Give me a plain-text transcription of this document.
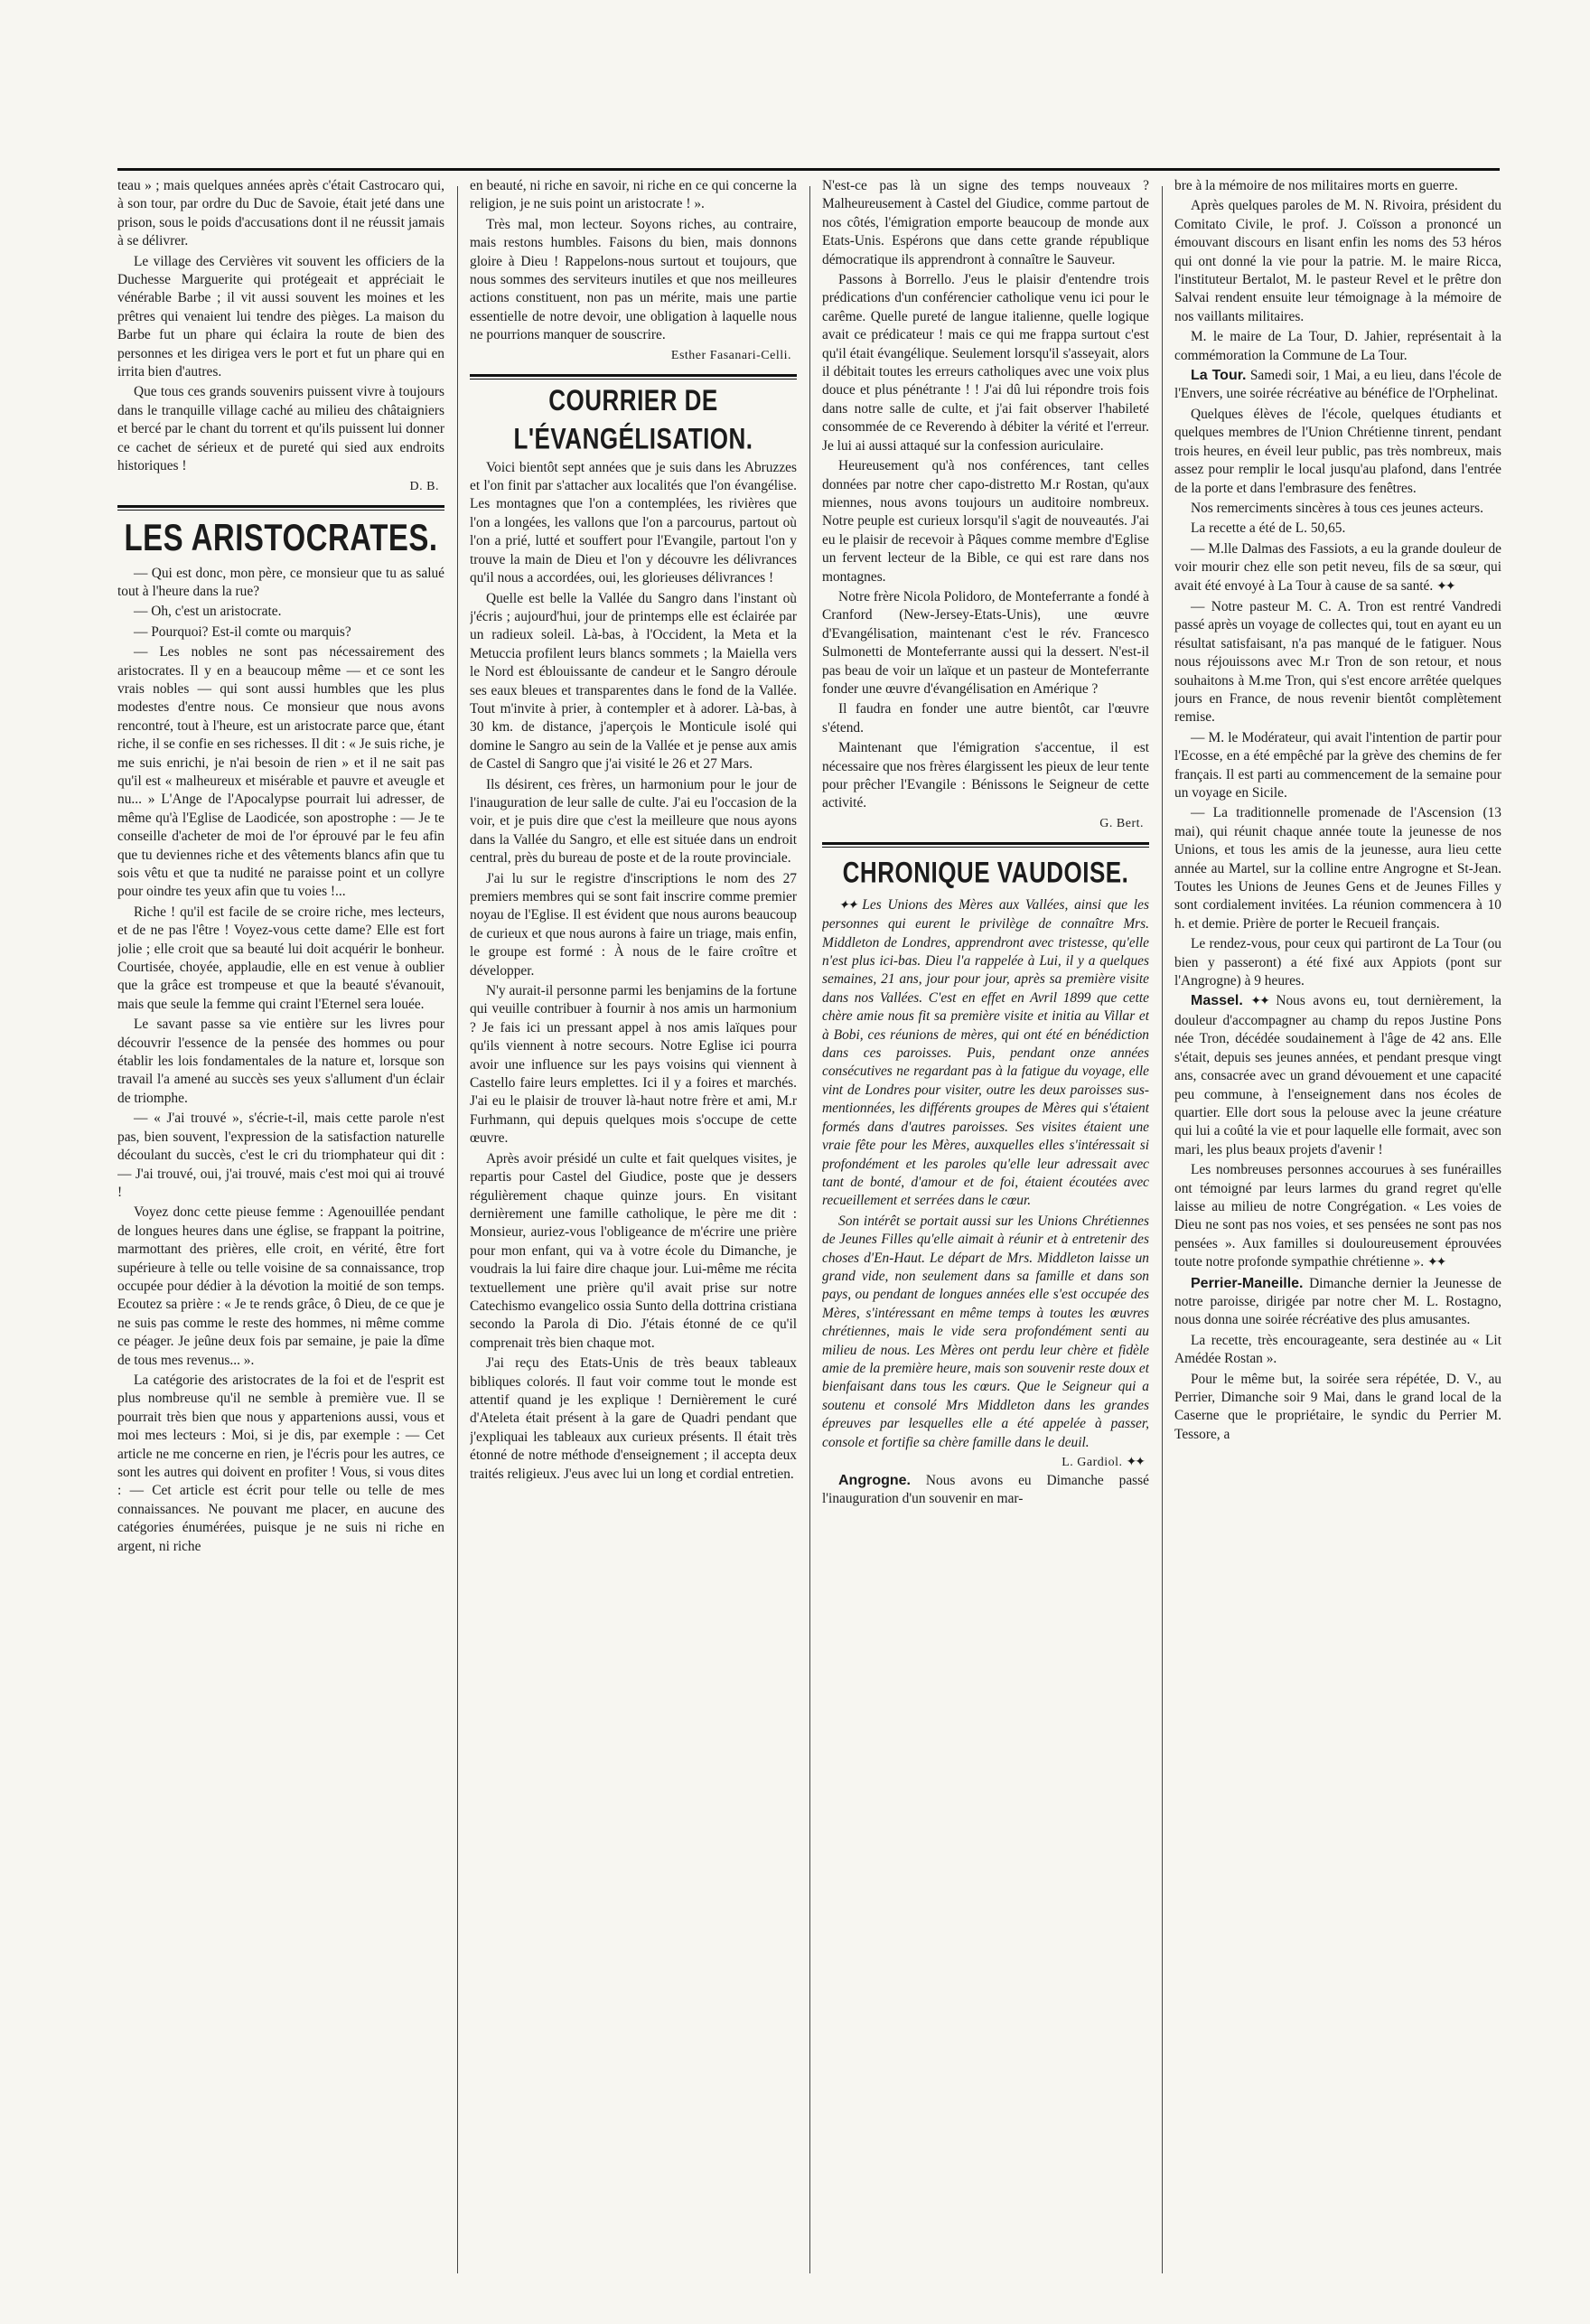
teau » ; mais quelques années après c'était Castrocaro qui, à son tour, par ordre du Duc de Savoie, était jeté dans une prison, sous le poids d'accusations dont il ne réussit jamais à se délivrer.

Le village des Cervières vit souvent les officiers de la Duchesse Marguerite qui protégeait et appréciait le vénérable Barbe ; il vit aussi souvent les moines et les prêtres qui venaient lui tendre des pièges. La maison du Barbe fut un phare qui éclaira la route de bien des personnes et les dirigea vers le port et fut un phare qui en irrita bien d'autres.

Que tous ces grands souvenirs puissent vivre à toujours dans le tranquille village caché au milieu des châtaigniers et bercé par le chant du torrent et qu'ils puissent lui donner ce cachet de sérieux et de pureté qui sied aux endroits historiques !

D. B.
LES ARISTOCRATES.

— Qui est donc, mon père, ce monsieur que tu as salué tout à l'heure dans la rue?

— Oh, c'est un aristocrate.

— Pourquoi? Est-il comte ou marquis?

— Les nobles ne sont pas nécessairement des aristocrates. Il y en a beaucoup même — et ce sont les vrais nobles — qui sont aussi humbles que les plus modestes d'entre nous. Ce monsieur que nous avons rencontré, tout à l'heure, est un aristocrate parce que, étant riche, il se confie en ses richesses. Il dit : « Je suis riche, je me suis enrichi, je n'ai besoin de rien » et il ne sait pas qu'il est « malheureux et misérable et pauvre et aveugle et nu... » L'Ange de l'Apocalypse pourrait lui adresser, de même qu'à l'Eglise de Laodicée, son apostrophe : — Je te conseille d'acheter de moi de l'or éprouvé par le feu afin que tu deviennes riche et des vêtements blancs afin que tu sois vêtu et que ta nudité ne paraisse point et un collyre pour oindre tes yeux afin que tu voies !...

Riche ! qu'il est facile de se croire riche, mes lecteurs, et de ne pas l'être ! Voyez-vous cette dame? Elle est fort jolie ; elle croit que sa beauté lui doit acquérir le bonheur. Courtisée, choyée, applaudie, elle en est venue à oublier que la grâce est trompeuse et que la beauté s'évanouit, mais que seule la femme qui craint l'Eternel sera louée.

Le savant passe sa vie entière sur les livres pour découvrir l'essence de la pensée des hommes ou pour établir les lois fondamentales de la nature et, lorsque son travail l'a amené au succès ses yeux s'allument d'un éclair de triomphe.

— « J'ai trouvé », s'écrie-t-il, mais cette parole n'est pas, bien souvent, l'expression de la satisfaction naturelle découlant du succès, c'est le cri du triomphateur qui dit : — J'ai trouvé, oui, j'ai trouvé, mais c'est moi qui ai trouvé !

Voyez donc cette pieuse femme : Agenouillée pendant de longues heures dans une église, se frappant la poitrine, marmottant des prières, elle croit, en vérité, être fort supérieure à telle ou telle voisine de sa connaissance, trop occupée pour dédier à la dévotion la moitié de son temps. Ecoutez sa prière : « Je te rends grâce, ô Dieu, de ce que je ne suis pas comme le reste des hommes, ni même comme ce péager. Je jeûne deux fois par semaine, je paie la dîme de tous mes revenus... ».

La catégorie des aristocrates de la foi et de l'esprit est plus nombreuse qu'il ne semble à première vue. Il se pourrait très bien que nous y appartenions aussi, vous et moi mes lecteurs : Moi, si je dis, par exemple : — Cet article ne me concerne en rien, je l'écris pour les autres, ce sont les autres qui doivent en profiter ! Vous, si vous dites : — Cet article est écrit pour telle ou telle de mes connaissances. Ne pouvant me placer, en aucune des catégories énumérées, puisque je ne suis ni riche en argent, ni riche

en beauté, ni riche en savoir, ni riche en ce qui concerne la religion, je ne suis point un aristocrate ! ».

Très mal, mon lecteur. Soyons riches, au contraire, mais restons humbles. Faisons du bien, mais donnons gloire à Dieu ! Rappelons-nous surtout et toujours, que nous sommes des serviteurs inutiles et que nos meilleures actions constituent, non pas un mérite, mais une partie essentielle de notre devoir, une obligation à laquelle nous ne pourrions manquer de souscrire.

Esther Fasanari-Celli.
COURRIER DE L'ÉVANGÉLISATION.

Voici bientôt sept années que je suis dans les Abruzzes et l'on finit par s'attacher aux localités que l'on évangélise. Les montagnes que l'on a contemplées, les rivières que l'on a longées, les vallons que l'on a parcourus, partout où l'on a prié, lutté et souffert pour l'Evangile, partout l'on y trouve la main de Dieu et l'on y découvre les délivrances qu'il nous a accordées, oui, les glorieuses délivrances !

Quelle est belle la Vallée du Sangro dans l'instant où j'écris ; aujourd'hui, jour de printemps elle est éclairée par un radieux soleil. Là-bas, à l'Occident, la Meta et la Metuccia profilent leurs blancs sommets ; la Maiella vers le Nord est éblouissante de candeur et le Sangro déroule ses eaux bleues et transparentes dans le fond de la Vallée. Tout m'invite à prier, à contempler et à adorer. Là-bas, à 30 km. de distance, j'aperçois le Monticule isolé qui domine le Sangro au sein de la Vallée et je pense aux amis de Castel di Sangro que j'ai visité le 26 et 27 Mars.

Ils désirent, ces frères, un harmonium pour le jour de l'inauguration de leur salle de culte. J'ai eu l'occasion de la voir, et je puis dire que c'est la meilleure que nous ayons dans la Vallée du Sangro, et elle est située dans un endroit central, près du bureau de poste et de la route provinciale.

J'ai lu sur le registre d'inscriptions le nom des 27 premiers membres qui se sont fait inscrire comme premier noyau de l'Eglise. Il est évident que nous aurons beaucoup de curieux et que nous aurons à faire un triage, mais enfin, le groupe est formé : À nous de le faire croître et développer.

N'y aurait-il personne parmi les benjamins de la fortune qui veuille contribuer à fournir à nos amis un harmonium ? Je fais ici un pressant appel à nos amis laïques pour qu'ils viennent à notre secours. Notre Eglise ici pourra avoir une influence sur les pays voisins qui viennent à Castello faire leurs emplettes. Ici il y a foires et marchés. J'ai eu le plaisir de trouver là-haut notre frère et ami, M.r Furhmann, qui depuis quelques mois s'occupe de cette œuvre.

Après avoir présidé un culte et fait quelques visites, je repartis pour Castel del Giudice, poste que je dessers régulièrement chaque quinze jours. En visitant dernièrement une famille catholique, le père me dit : Monsieur, auriez-vous l'obligeance de m'écrire une prière pour mon enfant, qui va à votre école du Dimanche, je voudrais la lui faire dire chaque jour. Lui-même me récita textuellement une prière qu'il avait prise sur notre Catechismo evangelico ossia Sunto della dottrina cristiana secondo la Parola di Dio. J'étais étonné de ce qu'il comprenait très bien chaque mot.

J'ai reçu des Etats-Unis de très beaux tableaux bibliques colorés. Il faut voir comme tout le monde est attentif quand je les explique ! Dernièrement le curé d'Ateleta était présent à la gare de Quadri pendant que j'expliquai les tableaux aux curieux présents. Il était très étonné de notre méthode d'enseignement ; il accepta deux traités religieux. J'eus avec lui un long et cordial entretien.

N'est-ce pas là un signe des temps nouveaux ? Malheureusement à Castel del Giudice, comme partout de nos côtés, l'émigration emporte beaucoup de monde aux Etats-Unis. Espérons que dans cette grande république démocratique ils apprendront à connaître le Sauveur.

Passons à Borrello. J'eus le plaisir d'entendre trois prédications d'un conférencier catholique venu ici pour le carême. Quelle pureté de langue italienne, quelle logique avait ce prédicateur ! mais ce qui me frappa surtout c'est qu'il était évangélique. Seulement lorsqu'il s'asseyait, alors il débitait toutes les erreurs catholiques avec une voix plus douce et plus pénétrante ! ! J'ai dû lui répondre trois fois dans notre salle de culte, et j'ai fait observer l'habileté consommée de ce Reverendo à débiter la vérité et l'erreur. Je lui ai aussi attaqué sur la confession auriculaire.

Heureusement qu'à nos conférences, tant celles données par notre cher capo-distretto M.r Rostan, qu'aux miennes, nous avons toujours un auditoire nombreux. Notre peuple est curieux lorsqu'il s'agit de nouveautés. J'ai eu le plaisir de recevoir à Pâques comme membre d'Eglise un fervent lecteur de la Bible, ce qui est rare dans nos montagnes.

Notre frère Nicola Polidoro, de Monteferrante a fondé à Cranford (New-Jersey-Etats-Unis), une œuvre d'Evangélisation, maintenant c'est le rév. Francesco Sulmonetti de Monteferrante aussi qui la dessert. N'est-il pas beau de voir un laïque et un pasteur de Monteferrante fonder une œuvre d'évangélisation en Amérique ?

Il faudra en fonder une autre bientôt, car l'œuvre s'étend.

Maintenant que l'émigration s'accentue, il est nécessaire que nos frères élargissent les pieux de leur tente pour prêcher l'Evangile : Bénissons le Seigneur de cette activité.

G. Bert.
CHRONIQUE VAUDOISE.

✦✦ Les Unions des Mères aux Vallées, ainsi que les personnes qui eurent le privilège de connaître Mrs. Middleton de Londres, apprendront avec tristesse, qu'elle n'est plus ici-bas. Dieu l'a rappelée à Lui, il y a quelques semaines, 21 ans, jour pour jour, après sa première visite dans nos Vallées. C'est en effet en Avril 1899 que cette chère amie nous fit sa première visite et initia au Villar et à Bobi, ces réunions de mères, qui ont été en bénédiction dans ces paroisses. Puis, pendant onze années consécutives ne regardant pas à la fatigue du voyage, elle vint de Londres pour visiter, outre les deux paroisses sus-mentionnées, les différents groupes de Mères qui s'étaient formés dans d'autres paroisses. Ses visites étaient une vraie fête pour les Mères, auxquelles elles s'intéressait si profondément et les paroles qu'elle leur adressait avec tant de bonté, d'amour et de foi, étaient écoutées avec recueillement et serrées dans le cœur.

Son intérêt se portait aussi sur les Unions Chrétiennes de Jeunes Filles qu'elle aimait à réunir et à entretenir des choses d'En-Haut. Le départ de Mrs. Middleton laisse un grand vide, non seulement dans sa famille et dans son pays, ou pendant de longues années elle s'est occupée des Mères, s'intéressant en même temps à toutes les œuvres chrétiennes, mais le vide sera profondément senti au milieu de nous. Les Mères ont perdu leur chère et fidèle amie de la première heure, mais son souvenir reste doux et bienfaisant dans tous les cœurs. Que le Seigneur qui a soutenu et consolé Mrs Middleton dans les grandes épreuves par lesquelles elle a été appelée à passer, console et fortifie sa chère famille dans le deuil.

L. Gardiol. ✦✦

Angrogne. Nous avons eu Dimanche passé l'inauguration d'un souvenir en mar-

bre à la mémoire de nos militaires morts en guerre.

Après quelques paroles de M. N. Rivoira, président du Comitato Civile, le prof. J. Coïsson a prononcé un émouvant discours en lisant enfin les noms des 53 héros qui ont donné la vie pour la patrie. M. le maire Ricca, l'instituteur Bertalot, M. le pasteur Revel et le prêtre don Salvai rendent ensuite leur témoignage à la mémoire de nos vaillants militaires.

M. le maire de La Tour, D. Jahier, représentait à la commémoration la Commune de La Tour.

La Tour. Samedi soir, 1 Mai, a eu lieu, dans l'école de l'Envers, une soirée récréative au bénéfice de l'Orphelinat.

Quelques élèves de l'école, quelques étudiants et quelques membres de l'Union Chrétienne tinrent, pendant trois heures, en éveil leur public, pas très nombreux, mais assez pour remplir le local jusqu'au plafond, dans l'entrée de la porte et dans l'embrasure des fenêtres.

Nos remerciments sincères à tous ces jeunes acteurs.

La recette a été de L. 50,65.

— M.lle Dalmas des Fassiots, a eu la grande douleur de voir mourir chez elle son petit neveu, fils de sa sœur, qui avait été envoyé à La Tour à cause de sa santé. ✦✦

— Notre pasteur M. C. A. Tron est rentré Vandredi passé après un voyage de collectes qui, tout en ayant eu un résultat satisfaisant, n'a pas manqué de le fatiguer. Nous nous réjouissons avec M.r Tron de son retour, et nous souhaitons à M.me Tron, qui s'est encore arrêtée quelques jours en France, de nous revenir bientôt complètement remise.

— M. le Modérateur, qui avait l'intention de partir pour l'Ecosse, en a été empêché par la grève des chemins de fer français. Il est parti au commencement de la semaine pour un voyage en Sicile.

— La traditionnelle promenade de l'Ascension (13 mai), qui réunit chaque année toute la jeunesse de nos Unions, et tous les amis de la jeunesse, aura lieu cette année au Martel, sur la colline entre Angrogne et St-Jean. Toutes les Unions de Jeunes Gens et de Jeunes Filles y sont cordialement invitées. La réunion commencera à 10 h. et demie. Prière de porter le Recueil français.

Le rendez-vous, pour ceux qui partiront de La Tour (ou bien y passeront) a été fixé aux Appiots (pont sur l'Angrogne) à 9 heures.

Massel. ✦✦ Nous avons eu, tout dernièrement, la douleur d'accompagner au champ du repos Justine Pons née Tron, décédée soudainement à l'âge de 42 ans. Elle s'était, depuis ses jeunes années, et pendant presque vingt ans, consacrée avec un grand dévouement et une capacité peu commune, à l'enseignement dans nos écoles de quartier. Elle dort sous la pelouse avec la jeune créature qui lui a coûté la vie et pour laquelle elle formait, avec son mari, les plus beaux projets d'avenir !

Les nombreuses personnes accourues à ses funérailles ont témoigné par leurs larmes du grand regret qu'elle laisse au milieu de notre Congrégation. « Les voies de Dieu ne sont pas nos voies, et ses pensées ne sont pas nos pensées ». Aux familles si douloureusement éprouvées toute notre profonde sympathie chrétienne ». ✦✦

Perrier-Maneille. Dimanche dernier la Jeunesse de notre paroisse, dirigée par notre cher M. L. Rostagno, nous donna une soirée récréative des plus amusantes.

La recette, très encourageante, sera destinée au « Lit Amédée Rostan ».

Pour le même but, la soirée sera répétée, D. V., au Perrier, Dimanche soir 9 Mai, dans le grand local de la Caserne que le propriétaire, le syndic du Perrier M. Tessore, a
